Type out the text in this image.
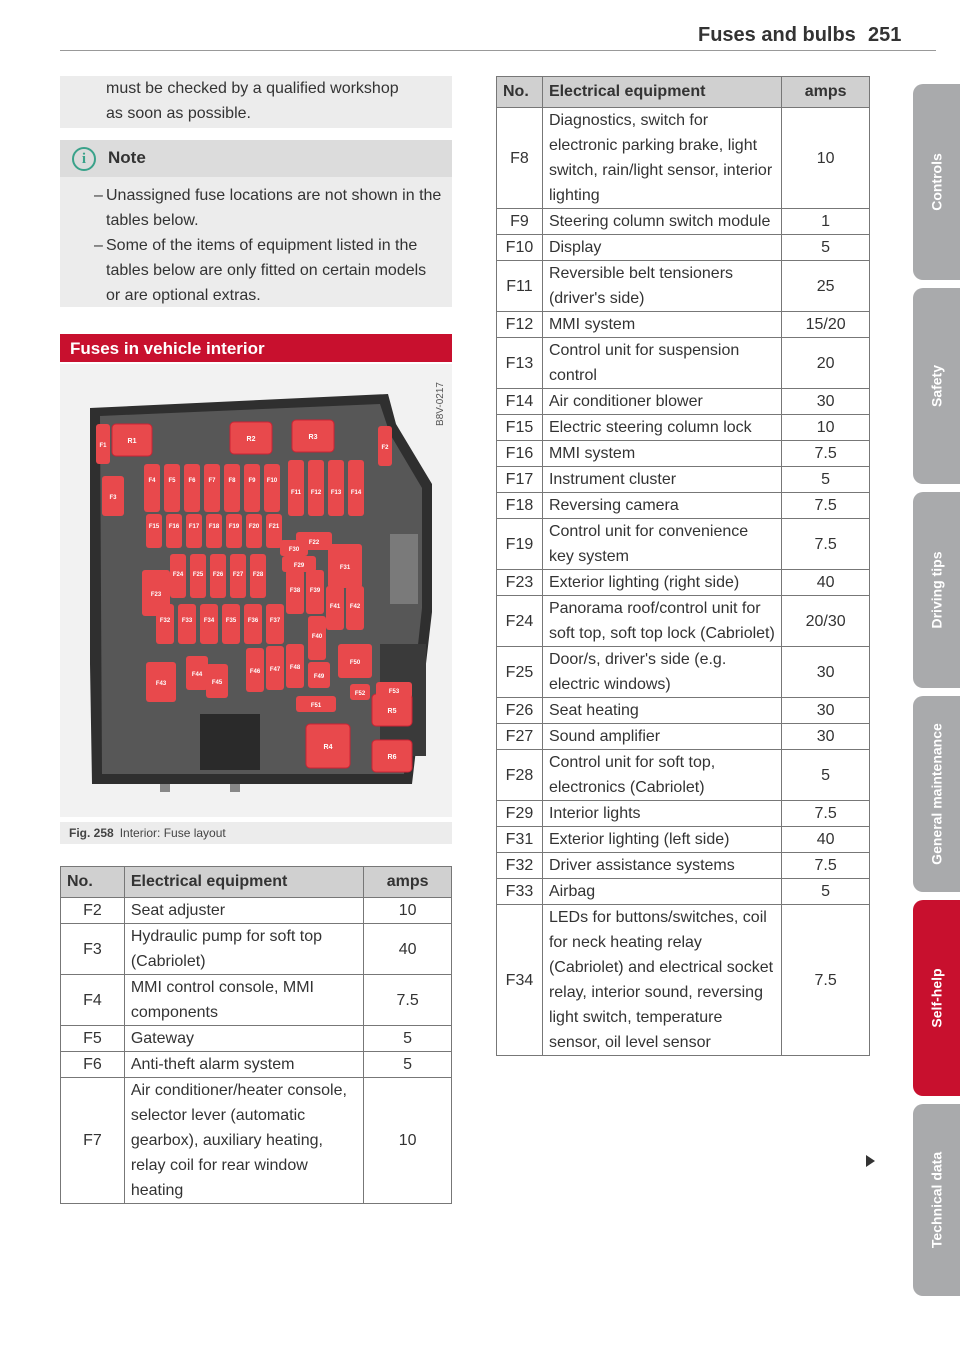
Fuses and bulbs 251

must be checked by a qualified workshop

as soon as possible.

i	Note
– Unassigned fuse locations are not shown in the tables below.
– Some of the items of equipment listed in the tables below are only fitted on certain models or are optional extras.
Fuses in vehicle interior
R1	R2	R3
R4
R5
R6
F4 F5 F6 F7 F8 F9 F10
F11 F12 F13 F14
F15 F16 F17 F18 F19 F20 F21
F24 F25 F26 F27 F28
F32 F33 F34 F35 F36 F37
F38 F39
F40
F41 F42
F1	F2
F3
F23
F43
F44
F45
F46 F47 F48
F49
F50
F51
F52	F53
F22
F29
F30
F31
B8V-0217
Fig. 258 Interior: Fuse layout
No.	Electrical equipment	amps
F2	Seat adjuster	10
F3	Hydraulic pump for soft top (Cabriolet)	40
F4	MMI control console, MMI components	7.5
F5	Gateway	5
F6	Anti-theft alarm system	5
F7	Air conditioner/heater console, selector lever (automatic gearbox), auxiliary heating, relay coil for rear window heating	10
No.	Electrical equipment	amps
F8	Diagnostics, switch for electronic parking brake, light switch, rain/light sensor, interior lighting	10
F9	Steering column switch module	1
F10	Display	5
F11	Reversible belt tensioners (driver's side)	25
F12	MMI system	15/20
F13	Control unit for suspension control	20
F14	Air conditioner blower	30
F15	Electric steering column lock	10
F16	MMI system	7.5
F17	Instrument cluster	5
F18	Reversing camera	7.5
F19	Control unit for convenience key system	7.5
F23	Exterior lighting (right side)	40
F24	Panorama roof/control unit for soft top, soft top lock (Cabriolet)	20/30
F25	Door/s, driver's side (e.g. electric windows)	30
F26	Seat heating	30
F27	Sound amplifier	30
F28	Control unit for soft top, electronics (Cabriolet)	5
F29	Interior lights	7.5
F31	Exterior lighting (left side)	40
F32	Driver assistance systems	7.5
F33	Airbag	5
F34	LEDs for buttons/switches, coil for neck heating relay (Cabriolet) and electrical socket relay, interior sound, reversing light switch, temperature sensor, oil level sensor	7.5
Controls
Safety
Driving tips
General maintenance
Self-help
Technical data
